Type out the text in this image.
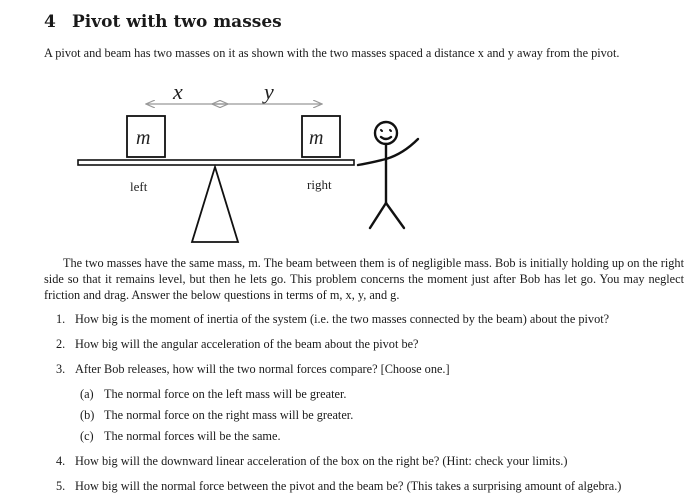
4 Pivot with two masses
A pivot and beam has two masses on it as shown with the two masses spaced a distance x and y away from the pivot.
x	y
m	m
left	right
The two masses have the same mass, m. The beam between them is of negligible mass. Bob is initially holding up on the right side so that it remains level, but then he lets go. This problem concerns the moment just after Bob has let go. You may neglect friction and drag. Answer the below questions in terms of m, x, y, and g.
1. How big is the moment of inertia of the system (i.e. the two masses connected by the beam) about the pivot?
2. How big will the angular acceleration of the beam about the pivot be?
3. After Bob releases, how will the two normal forces compare? [Choose one.]
(a) The normal force on the left mass will be greater.
(b) The normal force on the right mass will be greater.
(c) The normal forces will be the same.
4. How big will the downward linear acceleration of the box on the right be? (Hint: check your limits.)
5. How big will the normal force between the pivot and the beam be? (This takes a surprising amount of algebra.)
